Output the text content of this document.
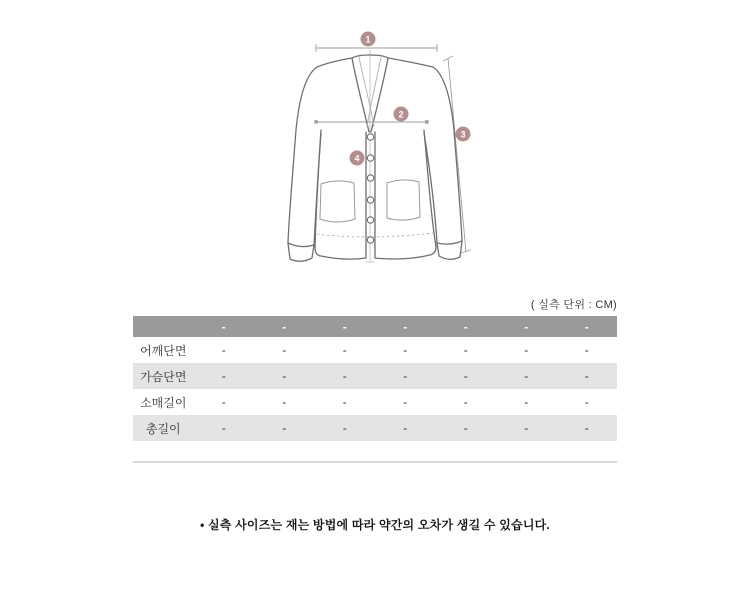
1
2
3
4
( 실측 단위 : CM)
	-	-	-	-	-	-	-
어깨단면	-	-	-	-	-	-	-
가슴단면	-	-	-	-	-	-	-
소매길이	-	-	-	-	-	-	-
총길이	-	-	-	-	-	-	-
• 실측 사이즈는 재는 방법에 따라 약간의 오차가 생길 수 있습니다.
